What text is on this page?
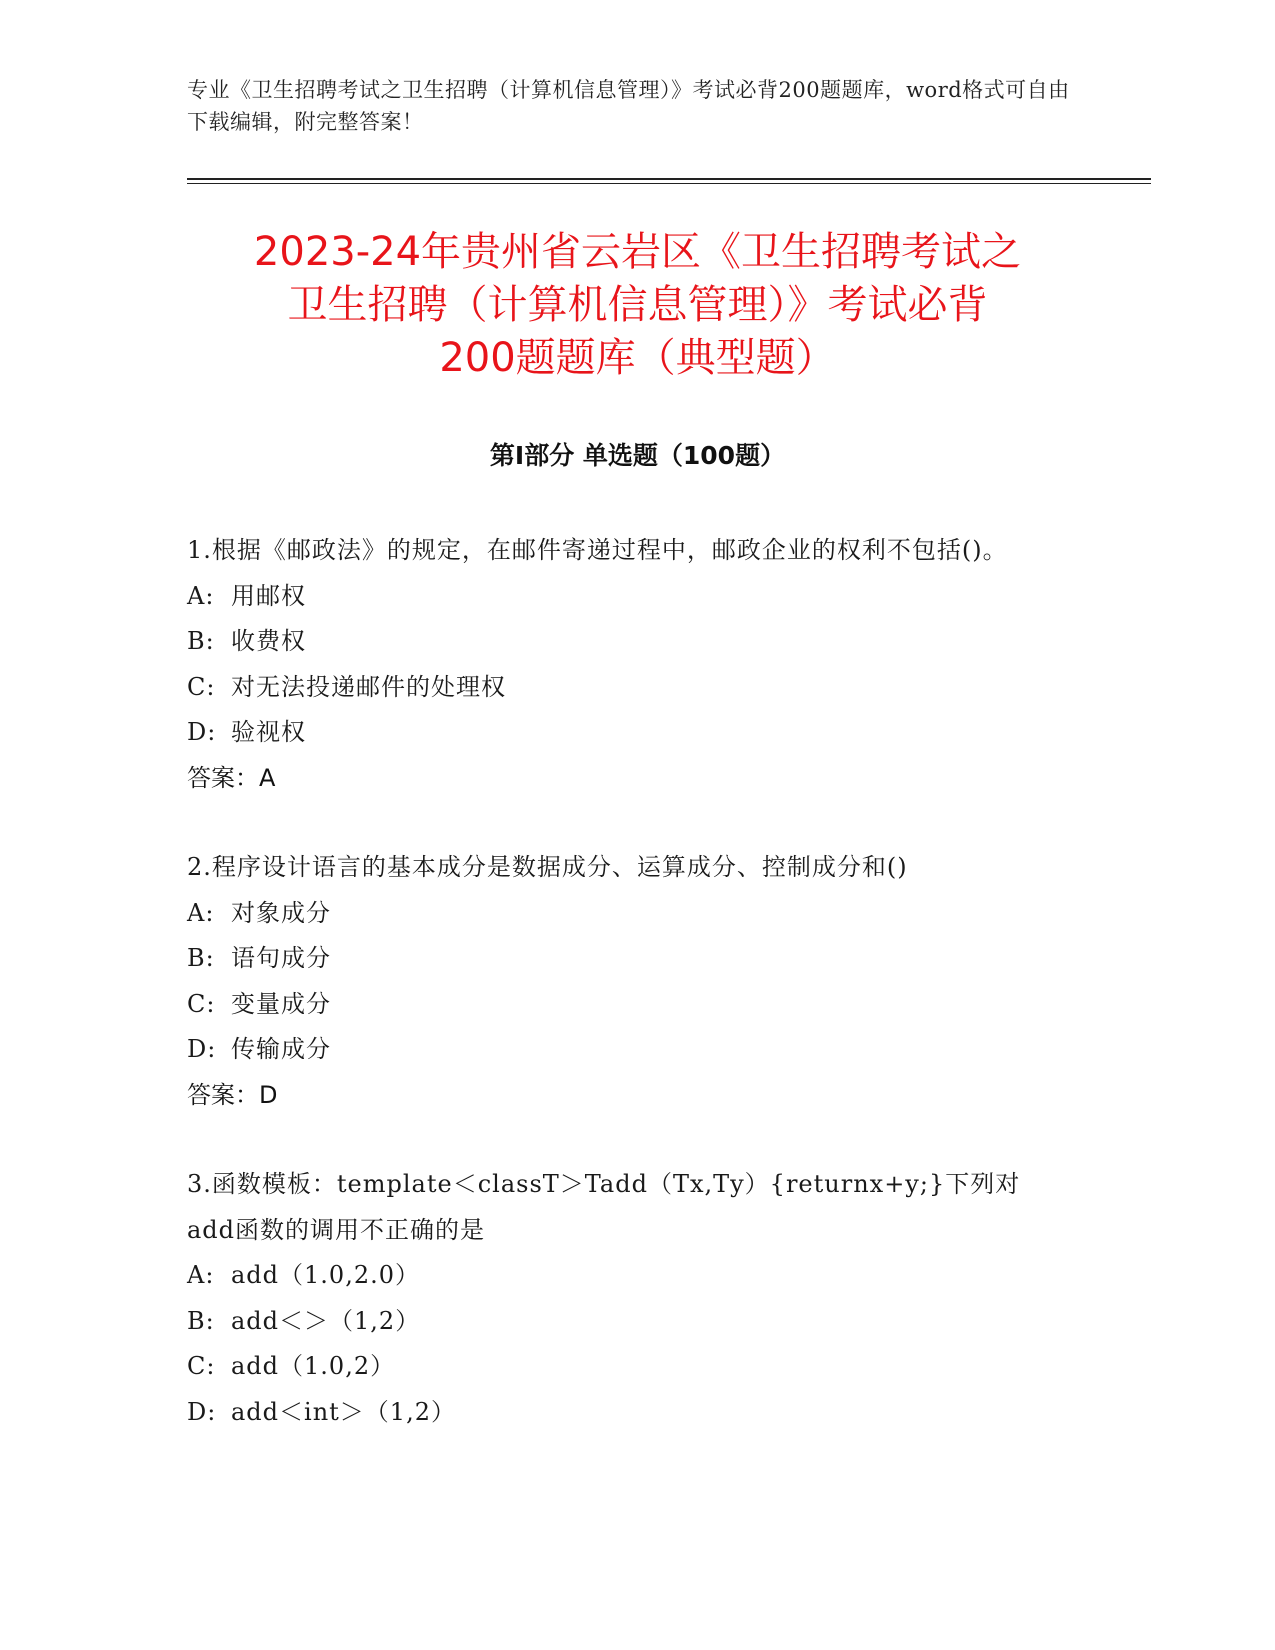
专业《卫生招聘考试之卫生招聘（计算机信息管理）》考试必背200题题库，word格式可自由下载编辑，附完整答案！
2023-24年贵州省云岩区《卫生招聘考试之
卫生招聘（计算机信息管理）》考试必背
200题题库（典型题）
第I部分 单选题（100题）
1.根据《邮政法》的规定，在邮件寄递过程中，邮政企业的权利不包括()。
A: 用邮权
B: 收费权
C: 对无法投递邮件的处理权
D: 验视权
答案：A
2.程序设计语言的基本成分是数据成分、运算成分、控制成分和()
A: 对象成分
B: 语句成分
C: 变量成分
D: 传输成分
答案：D
3.函数模板：template＜classT＞Tadd（Tx,Ty）{returnx+y;}下列对add函数的调用不正确的是
A: add（1.0,2.0）
B: add＜＞（1,2）
C: add（1.0,2）
D: add＜int＞（1,2）
